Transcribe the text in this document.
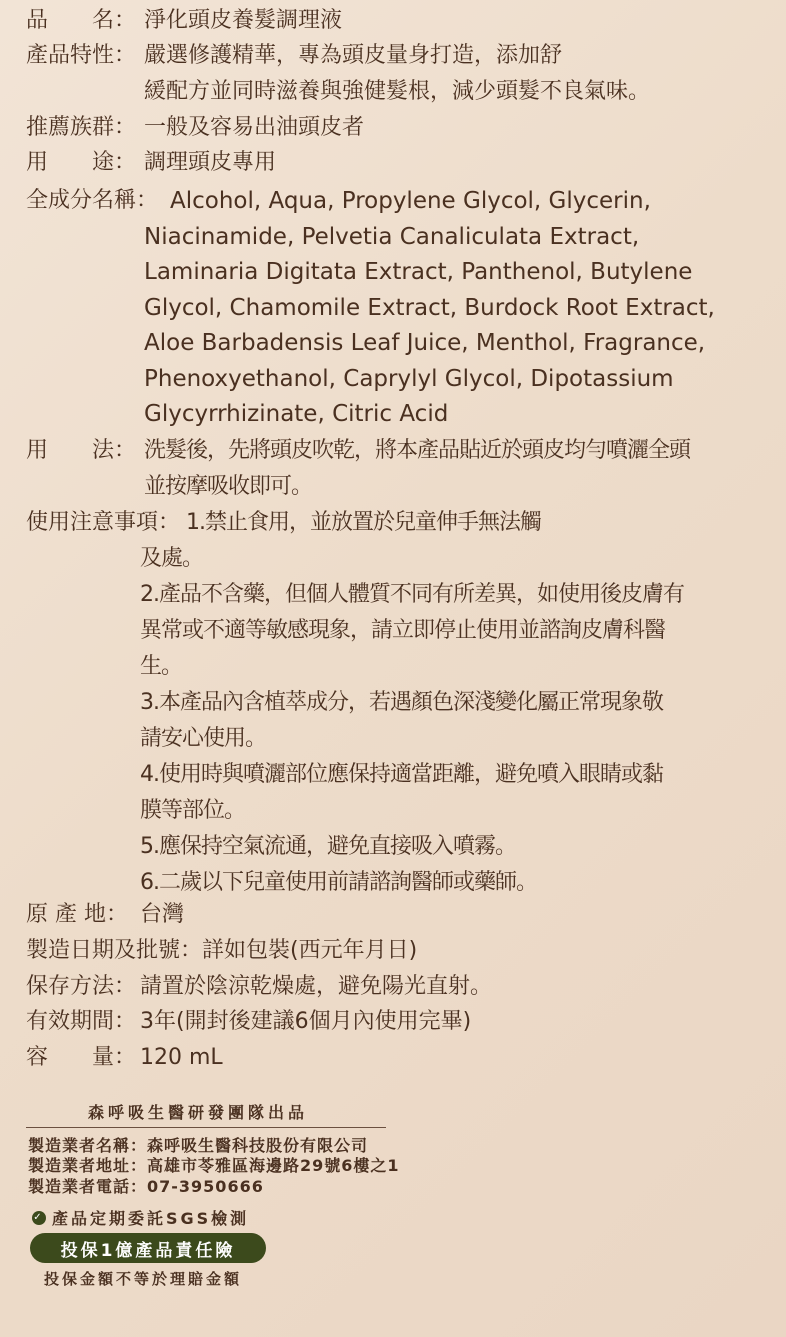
品　　名： 淨化頭皮養髮調理液
產品特性： 嚴選修護精華，專為頭皮量身打造，添加舒
緩配方並同時滋養與強健髮根，減少頭髮不良氣味。
推薦族群： 一般及容易出油頭皮者
用　　途： 調理頭皮專用
全成分名稱： Alcohol, Aqua, Propylene Glycol, Glycerin,
Niacinamide, Pelvetia Canaliculata Extract,
Laminaria Digitata Extract, Panthenol, Butylene
Glycol, Chamomile Extract, Burdock Root Extract,
Aloe Barbadensis Leaf Juice, Menthol, Fragrance,
Phenoxyethanol, Caprylyl Glycol, Dipotassium
Glycyrrhizinate, Citric Acid
用　　法： 洗髮後，先將頭皮吹乾，將本產品貼近於頭皮均勻噴灑全頭
並按摩吸收即可。
使用注意事項： 1.禁止食用，並放置於兒童伸手無法觸
及處。
2.產品不含藥，但個人體質不同有所差異，如使用後皮膚有
異常或不適等敏感現象，請立即停止使用並諮詢皮膚科醫
生。
3.本產品內含植萃成分，若遇顏色深淺變化屬正常現象敬
請安心使用。
4.使用時與噴灑部位應保持適當距離，避免噴入眼睛或黏
膜等部位。
5.應保持空氣流通，避免直接吸入噴霧。
6.二歲以下兒童使用前請諮詢醫師或藥師。
原 產 地： 台灣
製造日期及批號： 詳如包裝(西元年月日)
保存方法： 請置於陰涼乾燥處，避免陽光直射。
有效期間： 3年(開封後建議6個月內使用完畢)
容　　量： 120 mL
森呼吸生醫研發團隊出品
製造業者名稱：森呼吸生醫科技股份有限公司
製造業者地址：高雄市苓雅區海邊路29號6樓之1
製造業者電話：07-3950666
✓ 產品定期委託SGS檢測
投保1億產品責任險
投保金額不等於理賠金額
